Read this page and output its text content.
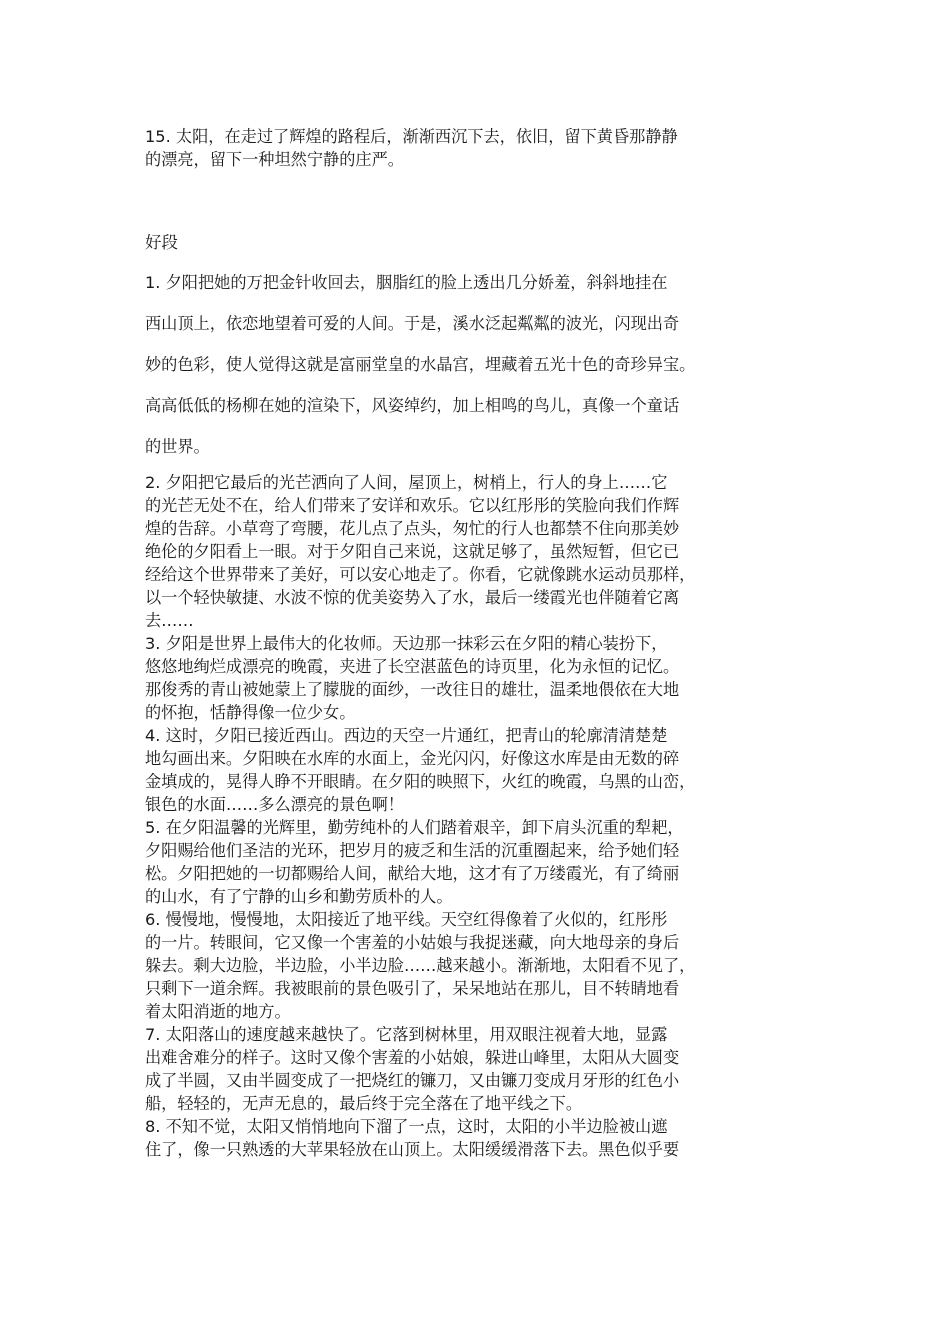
15. 太阳，在走过了辉煌的路程后，渐渐西沉下去，依旧，留下黄昏那静静
的漂亮，留下一种坦然宁静的庄严。

好段

1. 夕阳把她的万把金针收回去，胭脂红的脸上透出几分娇羞，斜斜地挂在
西山顶上，依恋地望着可爱的人间。于是，溪水泛起粼粼的波光，闪现出奇
妙的色彩，使人觉得这就是富丽堂皇的水晶宫，埋藏着五光十色的奇珍异宝。
高高低低的杨柳在她的渲染下，风姿绰约，加上相鸣的鸟儿，真像一个童话
的世界。

2. 夕阳把它最后的光芒洒向了人间，屋顶上，树梢上，行人的身上……它
的光芒无处不在，给人们带来了安详和欢乐。它以红彤彤的笑脸向我们作辉
煌的告辞。小草弯了弯腰，花儿点了点头，匆忙的行人也都禁不住向那美妙
绝伦的夕阳看上一眼。对于夕阳自己来说，这就足够了，虽然短暂，但它已
经给这个世界带来了美好，可以安心地走了。你看，它就像跳水运动员那样，
以一个轻快敏捷、水波不惊的优美姿势入了水，最后一缕霞光也伴随着它离
去……
3. 夕阳是世界上最伟大的化妆师。天边那一抹彩云在夕阳的精心装扮下，
悠悠地绚烂成漂亮的晚霞，夹进了长空湛蓝色的诗页里，化为永恒的记忆。
那俊秀的青山被她蒙上了朦胧的面纱，一改往日的雄壮，温柔地偎依在大地
的怀抱，恬静得像一位少女。
4. 这时，夕阳已接近西山。西边的天空一片通红，把青山的轮廓清清楚楚
地勾画出来。夕阳映在水库的水面上，金光闪闪，好像这水库是由无数的碎
金填成的，晃得人睁不开眼睛。在夕阳的映照下，火红的晚霞，乌黑的山峦，
银色的水面……多么漂亮的景色啊！
5. 在夕阳温馨的光辉里，勤劳纯朴的人们踏着艰辛，卸下肩头沉重的犁耙，
夕阳赐给他们圣洁的光环，把岁月的疲乏和生活的沉重圈起来，给予她们轻
松。夕阳把她的一切都赐给人间，献给大地，这才有了万缕霞光，有了绮丽
的山水，有了宁静的山乡和勤劳质朴的人。
6. 慢慢地，慢慢地，太阳接近了地平线。天空红得像着了火似的，红彤彤
的一片。转眼间，它又像一个害羞的小姑娘与我捉迷藏，向大地母亲的身后
躲去。剩大边脸，半边脸，小半边脸……越来越小。渐渐地，太阳看不见了，
只剩下一道余辉。我被眼前的景色吸引了，呆呆地站在那儿，目不转睛地看
着太阳消逝的地方。
7. 太阳落山的速度越来越快了。它落到树林里，用双眼注视着大地，显露
出难舍难分的样子。这时又像个害羞的小姑娘，躲进山峰里，太阳从大圆变
成了半圆，又由半圆变成了一把烧红的镰刀，又由镰刀变成月牙形的红色小
船，轻轻的，无声无息的，最后终于完全落在了地平线之下。
8. 不知不觉，太阳又悄悄地向下溜了一点，这时，太阳的小半边脸被山遮
住了，像一只熟透的大苹果轻放在山顶上。太阳缓缓滑落下去。黑色似乎要
